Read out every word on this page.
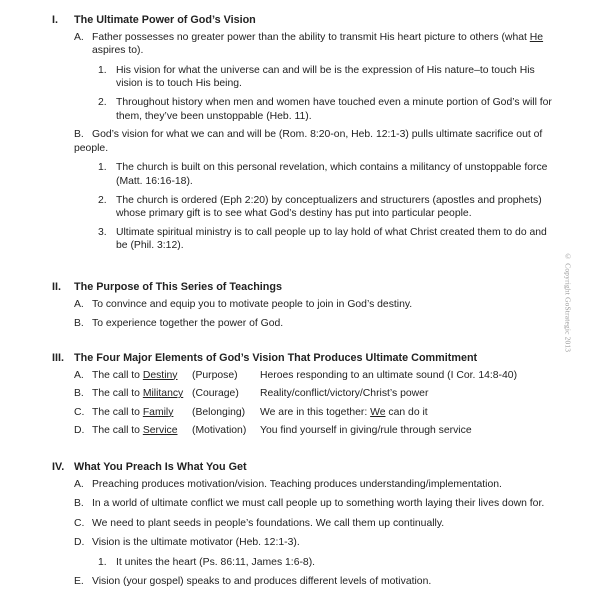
I.	The Ultimate Power of God’s Vision
A. Father possesses no greater power than the ability to transmit His heart picture to others (what He aspires to).
1. His vision for what the universe can and will be is the expression of His nature–to touch His vision is to touch His being.
2. Throughout history when men and women have touched even a minute portion of God’s will for them, they’ve been unstoppable (Heb. 11).
B. God’s vision for what we can and will be (Rom. 8:20-on, Heb. 12:1-3) pulls ultimate sacrifice out of people.
1. The church is built on this personal revelation, which contains a militancy of unstoppable force (Matt. 16:16-18).
2. The church is ordered (Eph 2:20) by conceptualizers and structurers (apostles and prophets) whose primary gift is to see what God’s destiny has put into particular people.
3. Ultimate spiritual ministry is to call people up to lay hold of what Christ created them to do and be (Phil. 3:12).
II.	The Purpose of This Series of Teachings
A. To convince and equip you to motivate people to join in God’s destiny.
B. To experience together the power of God.
III. The Four Major Elements of God’s Vision That Produces Ultimate Commitment
A. The call to Destiny	(Purpose)	Heroes responding to an ultimate sound (I Cor. 14:8-40)
B. The call to Militancy (Courage)	Reality/conflict/victory/Christ’s power
C. The call to Family	(Belonging)	We are in this together: We can do it
D. The call to Service	(Motivation)	You find yourself in giving/rule through service
IV. What You Preach Is What You Get
A. Preaching produces motivation/vision. Teaching produces understanding/implementation.
B. In a world of ultimate conflict we must call people up to something worth laying their lives down for.
C. We need to plant seeds in people’s foundations. We call them up continually.
D. Vision is the ultimate motivator (Heb. 12:1-3).
1. It unites the heart (Ps. 86:11, James 1:6-8).
E. Vision (your gospel) speaks to and produces different levels of motivation.
© Copyright GoStrategic 2013
